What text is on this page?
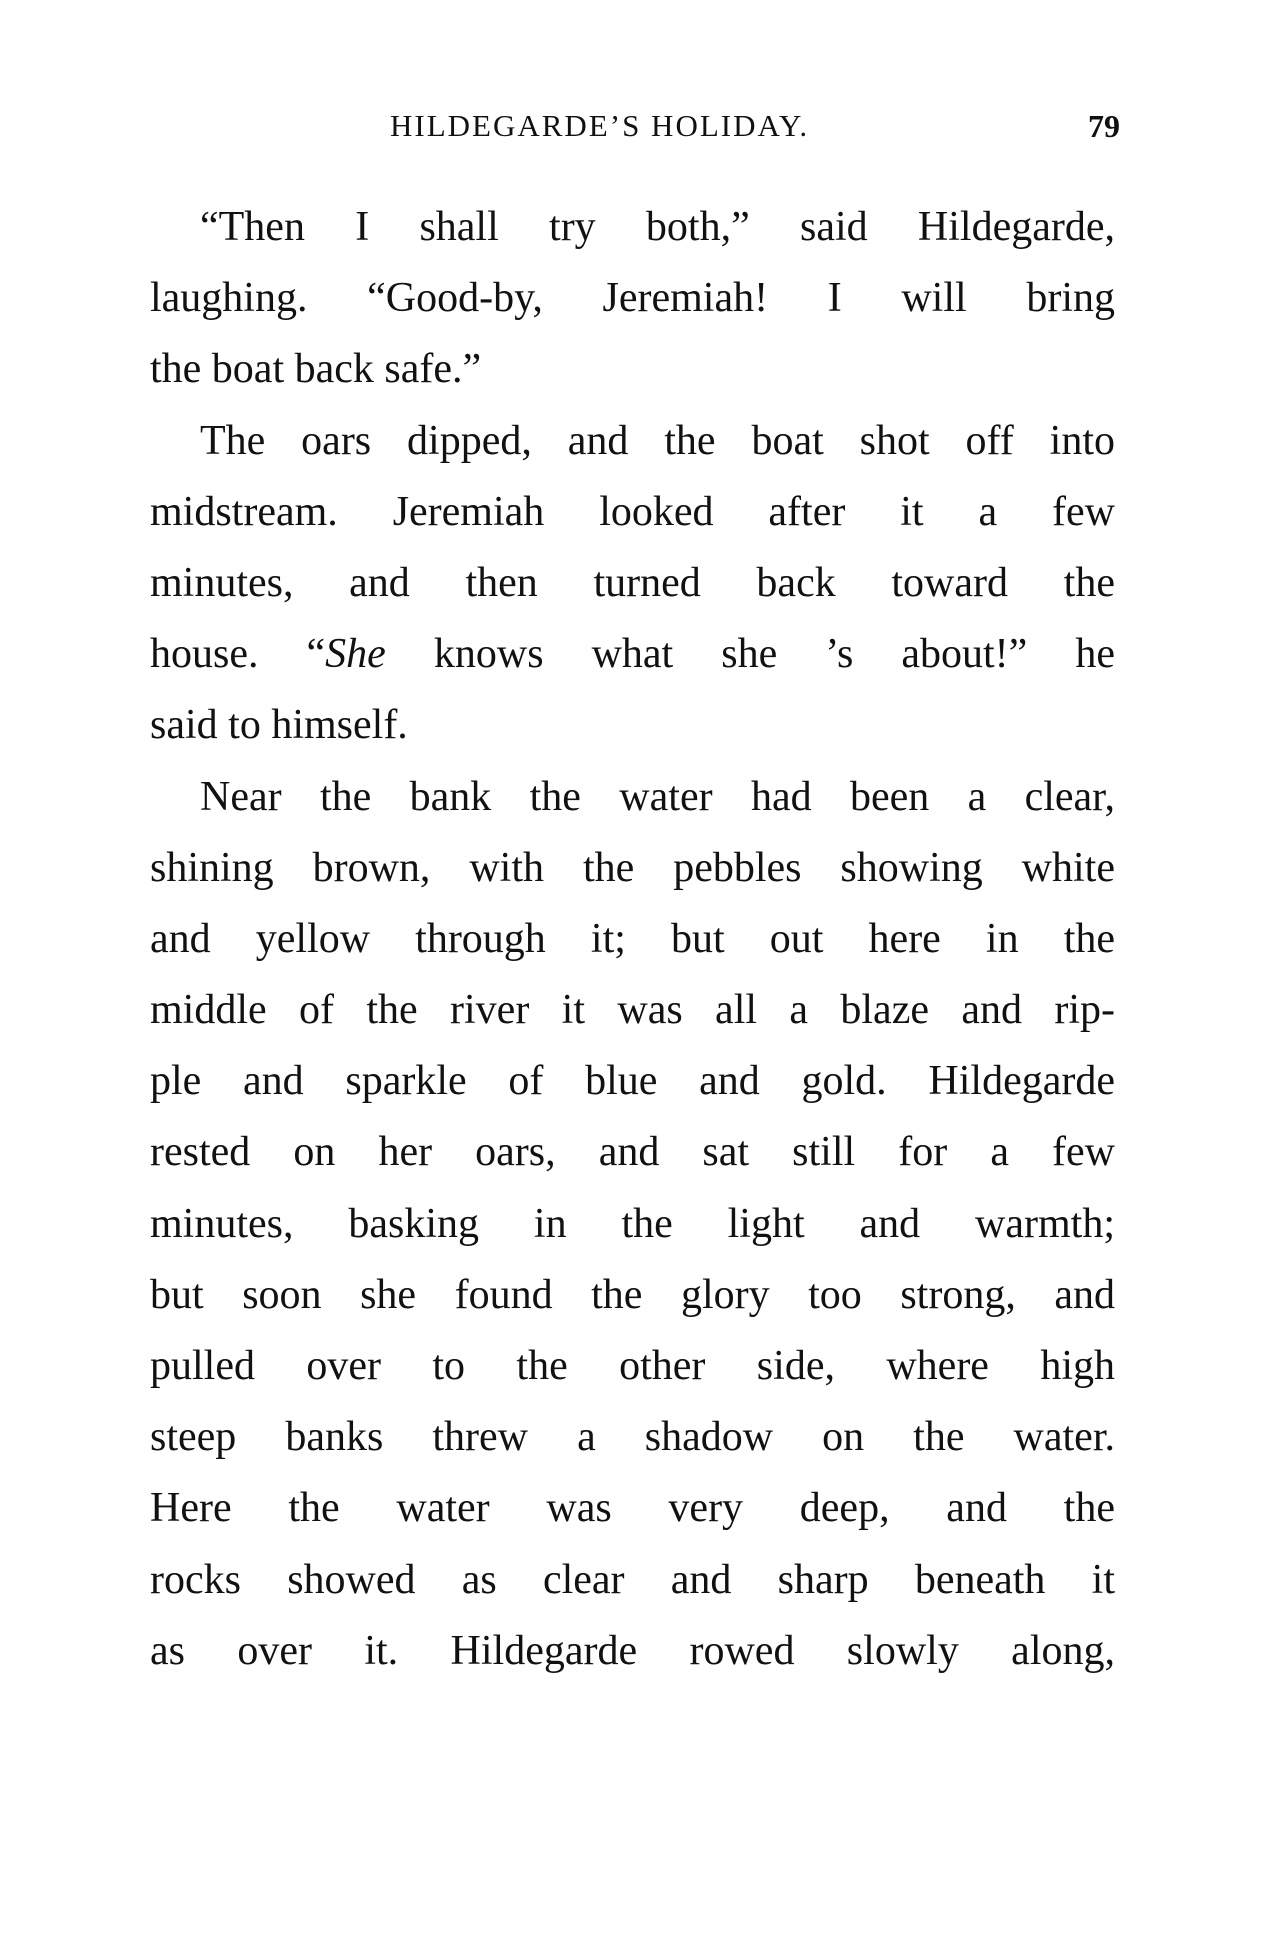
HILDEGARDE’S HOLIDAY.	79
“Then I shall try both,” said Hildegarde,
laughing. “Good-by, Jeremiah! I will bring
the boat back safe.”
The oars dipped, and the boat shot off into
midstream. Jeremiah looked after it a few
minutes, and then turned back toward the
house. “She knows what she ’s about!” he
said to himself.
Near the bank the water had been a clear,
shining brown, with the pebbles showing white
and yellow through it; but out here in the
middle of the river it was all a blaze and rip-
ple and sparkle of blue and gold. Hildegarde
rested on her oars, and sat still for a few
minutes, basking in the light and warmth;
but soon she found the glory too strong, and
pulled over to the other side, where high
steep banks threw a shadow on the water.
Here the water was very deep, and the
rocks showed as clear and sharp beneath it
as over it. Hildegarde rowed slowly along,
